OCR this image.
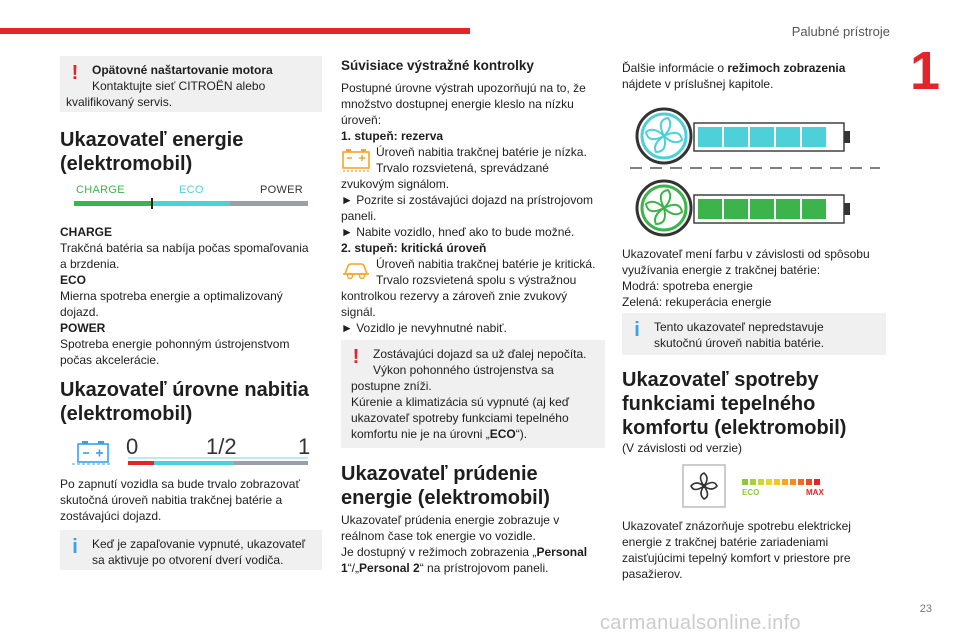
Palubné prístroje
1
23
carmanualsonline.info
! Opätovné naštartovanie motora
Kontaktujte sieť CITROËN alebo
kvalifikovaný servis.
Ukazovateľ energie
(elektromobil)
CHARGE	ECO	POWER
CHARGE
Trakčná batéria sa nabíja počas spomaľovania
a brzdenia.
ECO
Mierna spotreba energie a optimalizovaný
dojazd.
POWER
Spotreba energie pohonným ústrojenstvom
počas akcelerácie.
Ukazovateľ úrovne nabitia
(elektromobil)
0	1/2	1
Po zapnutí vozidla sa bude trvalo zobrazovať
skutočná úroveň nabitia trakčnej batérie a
zostávajúci dojazd.
i Keď je zapaľovanie vypnuté, ukazovateľ
sa aktivuje po otvorení dverí vodiča.
Súvisiace výstražné kontrolky
Postupné úrovne výstrah upozorňujú na to, že
množstvo dostupnej energie kleslo na nízku
úroveň:
1. stupeň: rezerva
Úroveň nabitia trakčnej batérie je nízka.
Trvalo rozsvietená, sprevádzané
zvukovým signálom.
► Pozrite si zostávajúci dojazd na prístrojovom
paneli.
► Nabite vozidlo, hneď ako to bude možné.
2. stupeň: kritická úroveň
Úroveň nabitia trakčnej batérie je kritická.
Trvalo rozsvietená spolu s výstražnou
kontrolkou rezervy a zároveň znie zvukový
signál.
► Vozidlo je nevyhnutné nabiť.
! Zostávajúci dojazd sa už ďalej nepočíta.
Výkon pohonného ústrojenstva sa
postupne zníži.
Kúrenie a klimatizácia sú vypnuté (aj keď
ukazovateľ spotreby funkciami tepelného
komfortu nie je na úrovni „ECO“).
Ukazovateľ prúdenie
energie (elektromobil)
Ukazovateľ prúdenia energie zobrazuje v
reálnom čase tok energie vo vozidle.
Je dostupný v režimoch zobrazenia „Personal
1“/„Personal 2“ na prístrojovom paneli.
Ďalšie informácie o režimoch zobrazenia
nájdete v príslušnej kapitole.
Ukazovateľ mení farbu v závislosti od spôsobu
využívania energie z trakčnej batérie:
Modrá: spotreba energie
Zelená: rekuperácia energie
i Tento ukazovateľ nepredstavuje
skutočnú úroveň nabitia batérie.
Ukazovateľ spotreby
funkciami tepelného
komfortu (elektromobil)
(V závislosti od verzie)
ECO	MAX
Ukazovateľ znázorňuje spotrebu elektrickej
energie z trakčnej batérie zariadeniami
zaisťujúcimi tepelný komfort v priestore pre
pasažierov.
